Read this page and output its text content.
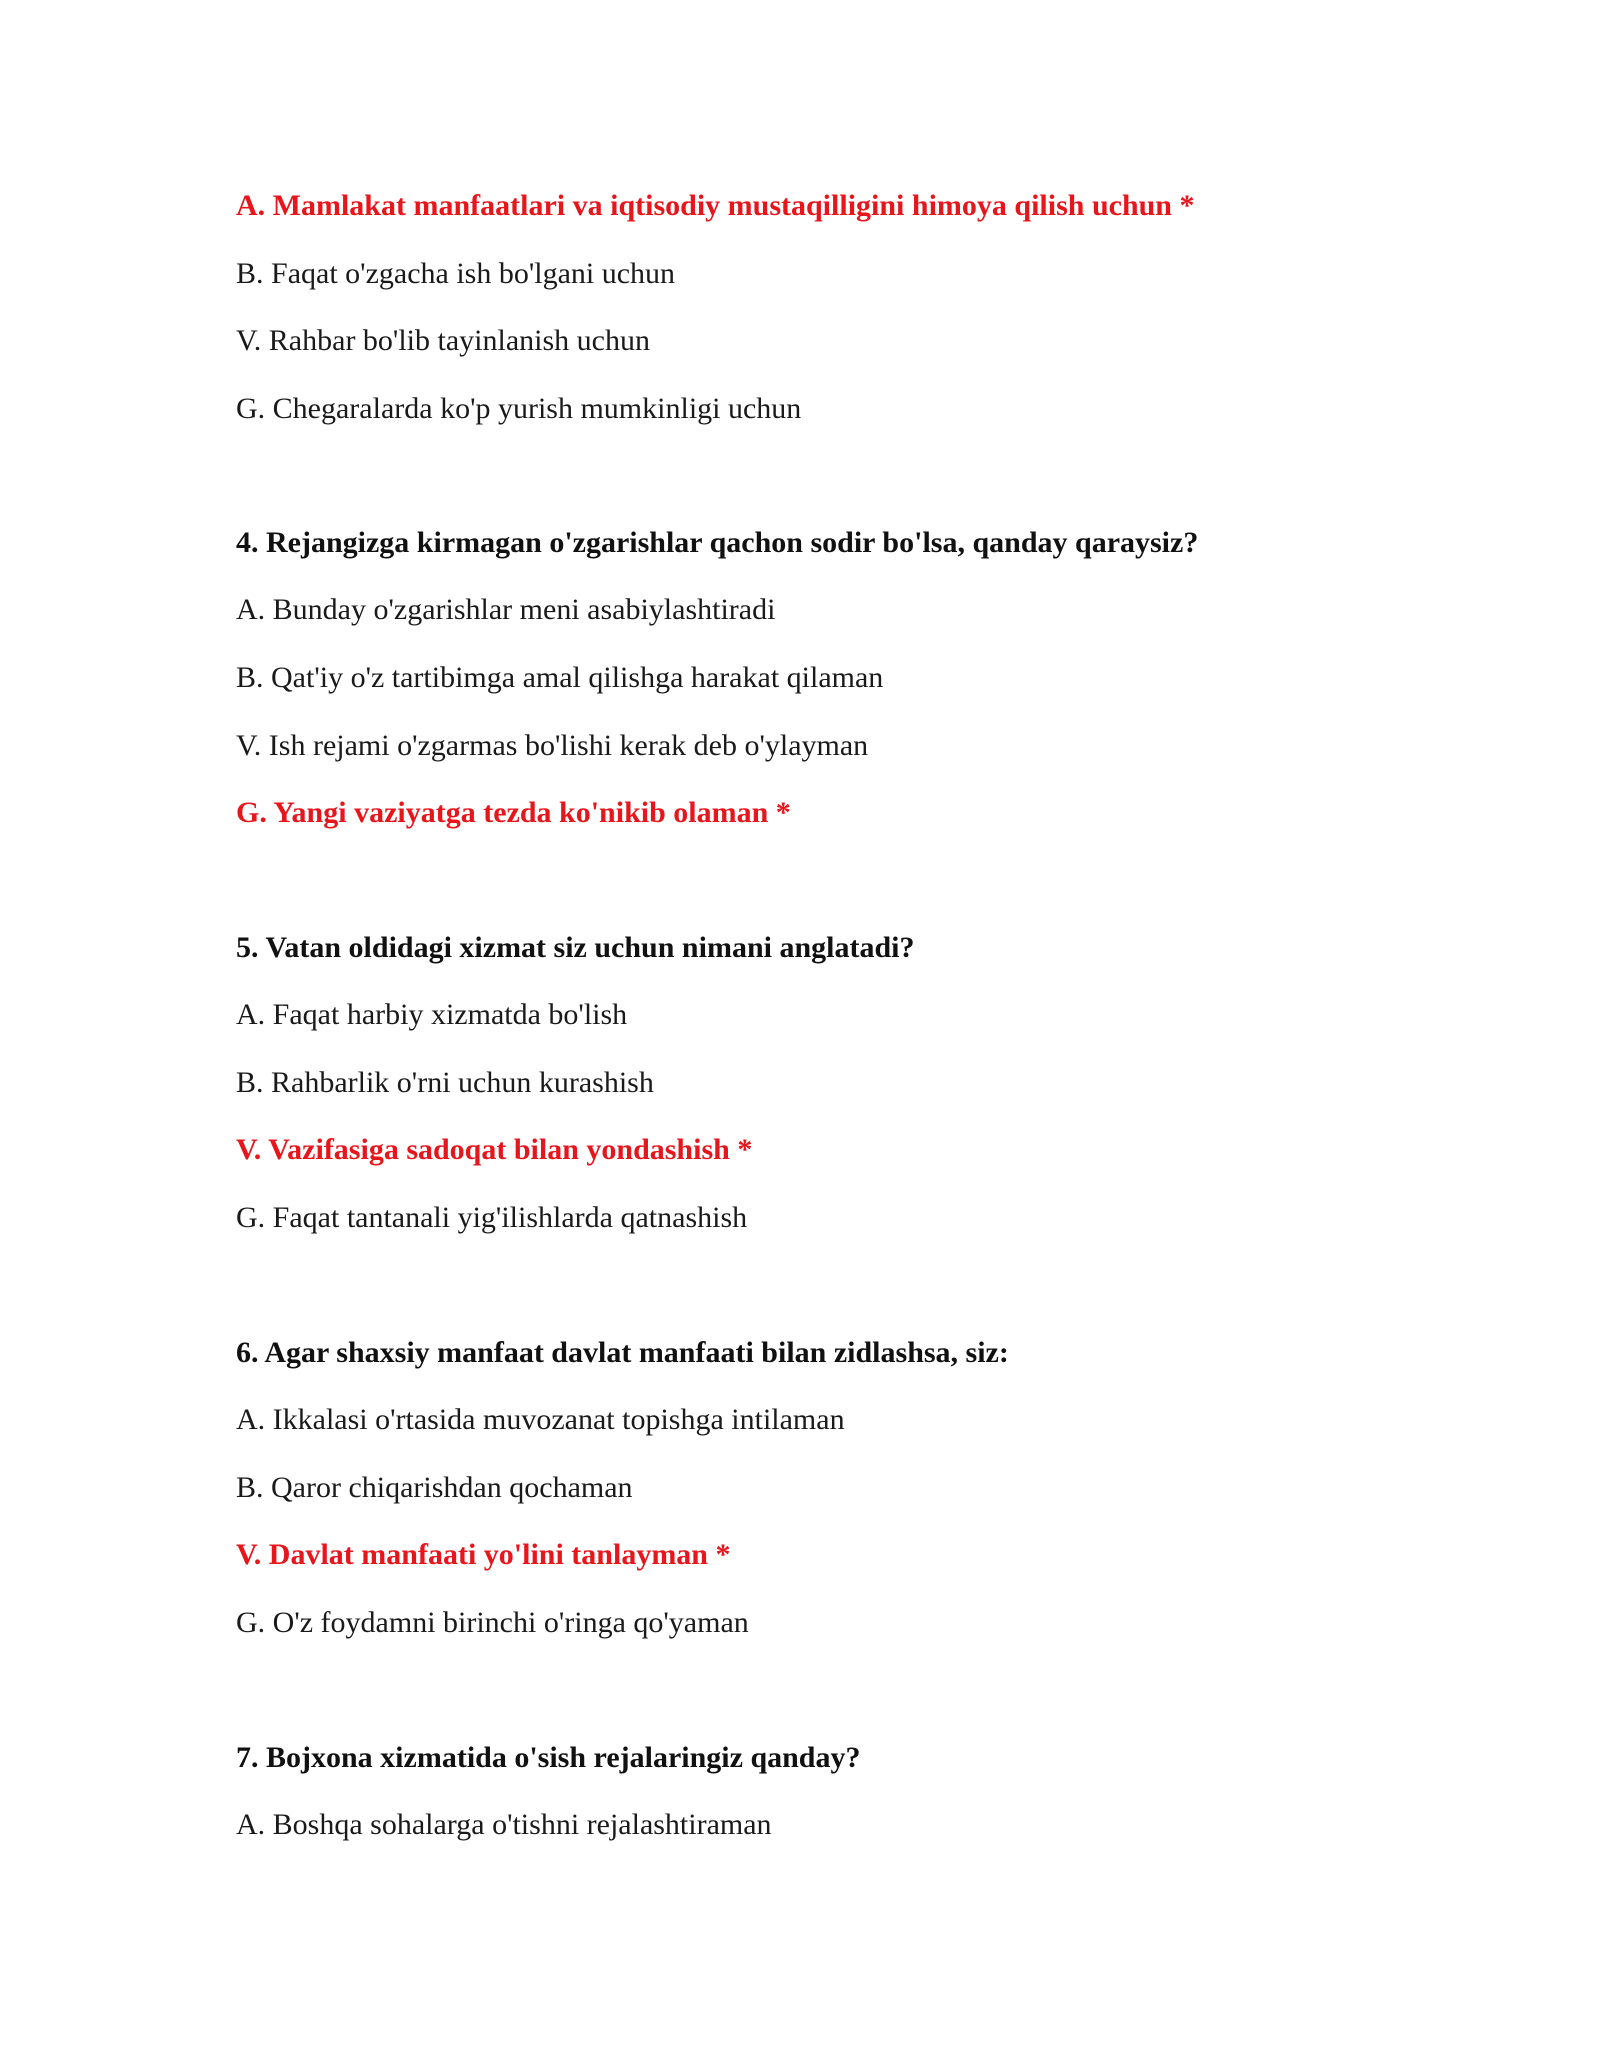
A. Mamlakat manfaatlari va iqtisodiy mustaqilligini himoya qilish uchun *
B. Faqat o'zgacha ish bo'lgani uchun
V. Rahbar bo'lib tayinlanish uchun
G. Chegaralarda ko'p yurish mumkinligi uchun
4. Rejangizga kirmagan o'zgarishlar qachon sodir bo'lsa, qanday qaraysiz?
A. Bunday o'zgarishlar meni asabiylashtiradi
B. Qat'iy o'z tartibimga amal qilishga harakat qilaman
V. Ish rejami o'zgarmas bo'lishi kerak deb o'ylayman
G. Yangi vaziyatga tezda ko'nikib olaman *
5. Vatan oldidagi xizmat siz uchun nimani anglatadi?
A. Faqat harbiy xizmatda bo'lish
B. Rahbarlik o'rni uchun kurashish
V. Vazifasiga sadoqat bilan yondashish *
G. Faqat tantanali yig'ilishlarda qatnashish
6. Agar shaxsiy manfaat davlat manfaati bilan zidlashsa, siz:
A. Ikkalasi o'rtasida muvozanat topishga intilaman
B. Qaror chiqarishdan qochaman
V. Davlat manfaati yo'lini tanlayman *
G. O'z foydamni birinchi o'ringa qo'yaman
7. Bojxona xizmatida o'sish rejalaringiz qanday?
A. Boshqa sohalarga o'tishni rejalashtiraman
